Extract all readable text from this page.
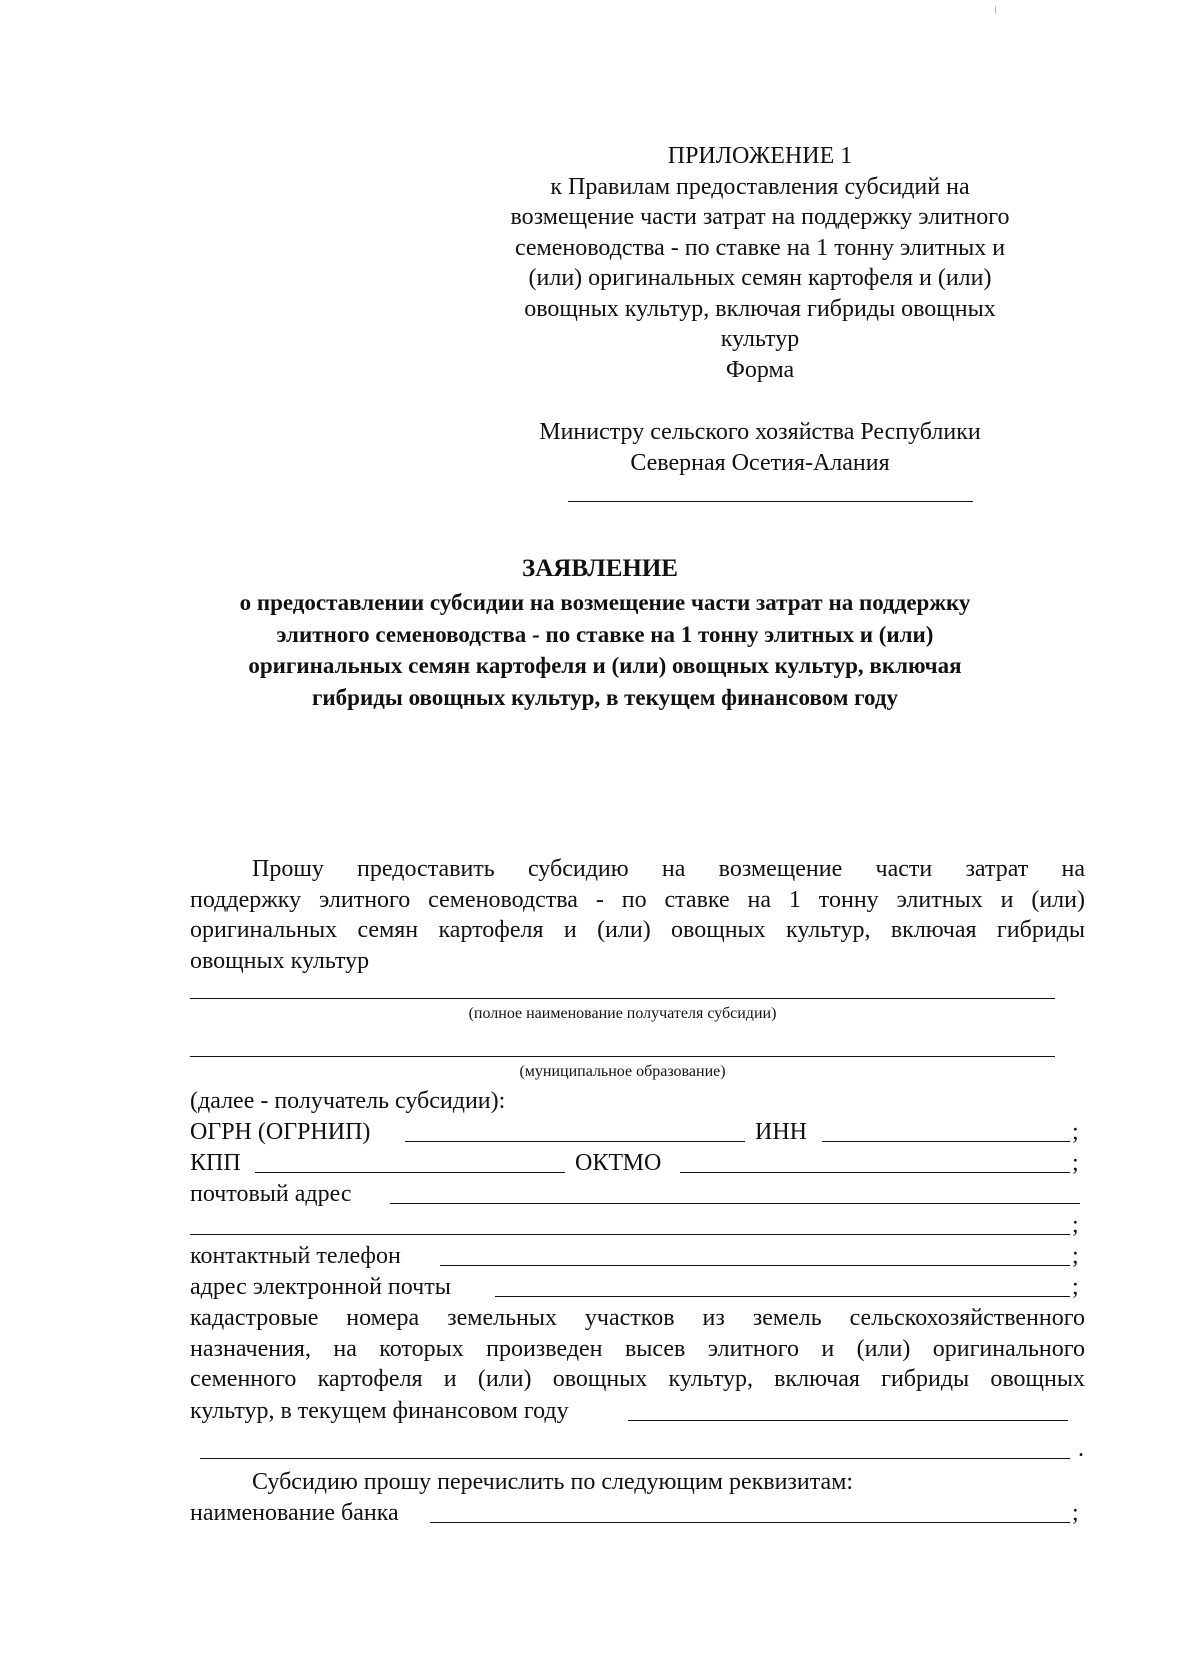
ПРИЛОЖЕНИЕ 1
к Правилам предоставления субсидий на
возмещение части затрат на поддержку элитного
семеноводства - по ставке на 1 тонну элитных и
(или) оригинальных семян картофеля и (или)
овощных культур, включая гибриды овощных
культур
Форма
Министру сельского хозяйства Республики
Северная Осетия-Алания
ЗАЯВЛЕНИЕ
о предоставлении субсидии на возмещение части затрат на поддержку
элитного семеноводства - по ставке на 1 тонну элитных и (или)
оригинальных семян картофеля и (или) овощных культур, включая
гибриды овощных культур, в текущем финансовом году
Прошу предоставить субсидию на возмещение части затрат на
поддержку элитного семеноводства - по ставке на 1 тонну элитных и (или)
оригинальных семян картофеля и (или) овощных культур, включая гибриды
овощных культур
(полное наименование получателя субсидии)
(муниципальное образование)
(далее - получатель субсидии):
ОГРН (ОГРНИП)	ИНН	;
КПП	ОКТМО	;
почтовый адрес
;
контактный телефон	;
адрес электронной почты	;
кадастровые номера земельных участков из земель сельскохозяйственного
назначения, на которых произведен высев элитного и (или) оригинального
семенного картофеля и (или) овощных культур, включая гибриды овощных
культур, в текущем финансовом году
.
Субсидию прошу перечислить по следующим реквизитам:
наименование банка	;
